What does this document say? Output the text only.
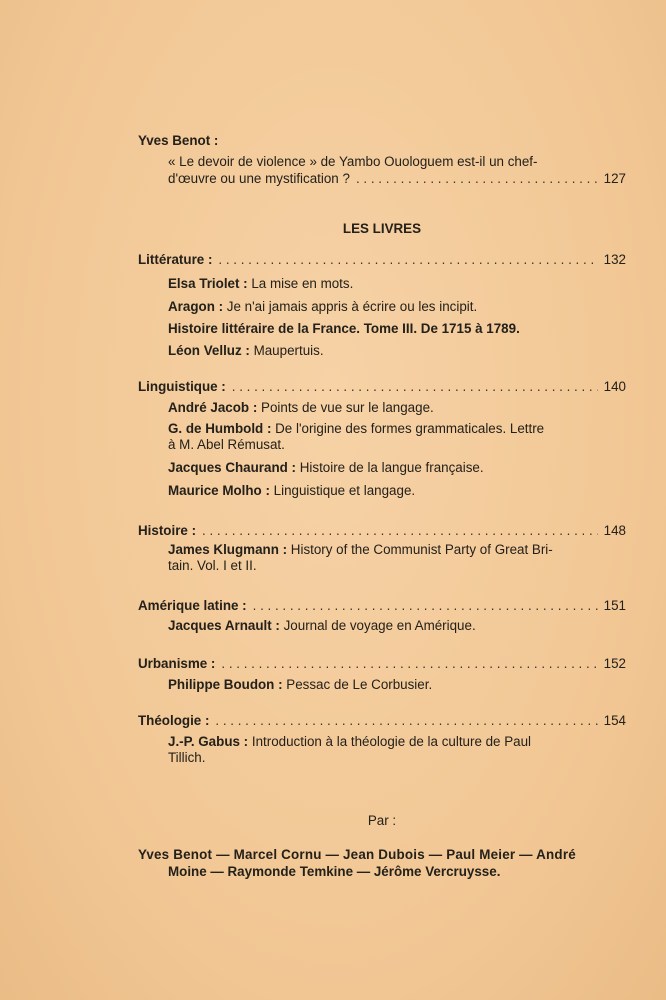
Yves Benot :
« Le devoir de violence » de Yambo Ouologuem est-il un chef-
d'œuvre ou une mystification ? . . .	127
LES LIVRES
Littérature : . . .	132
Elsa Triolet : La mise en mots.
Aragon : Je n'ai jamais appris à écrire ou les incipit.
Histoire littéraire de la France. Tome III. De 1715 à 1789.
Léon Velluz : Maupertuis.
Linguistique : . . .	140
André Jacob : Points de vue sur le langage.
G. de Humbold : De l'origine des formes grammaticales. Lettre
à M. Abel Rémusat.
Jacques Chaurand : Histoire de la langue française.
Maurice Molho : Linguistique et langage.
Histoire : . . .	148
James Klugmann : History of the Communist Party of Great Bri-
tain. Vol. I et II.
Amérique latine : . . .	151
Jacques Arnault : Journal de voyage en Amérique.
Urbanisme : . . .	152
Philippe Boudon : Pessac de Le Corbusier.
Théologie : . . .	154
J.-P. Gabus : Introduction à la théologie de la culture de Paul
Tillich.
Par :
Yves Benot — Marcel Cornu — Jean Dubois — Paul Meier — André
Moine — Raymonde Temkine — Jérôme Vercruysse.
